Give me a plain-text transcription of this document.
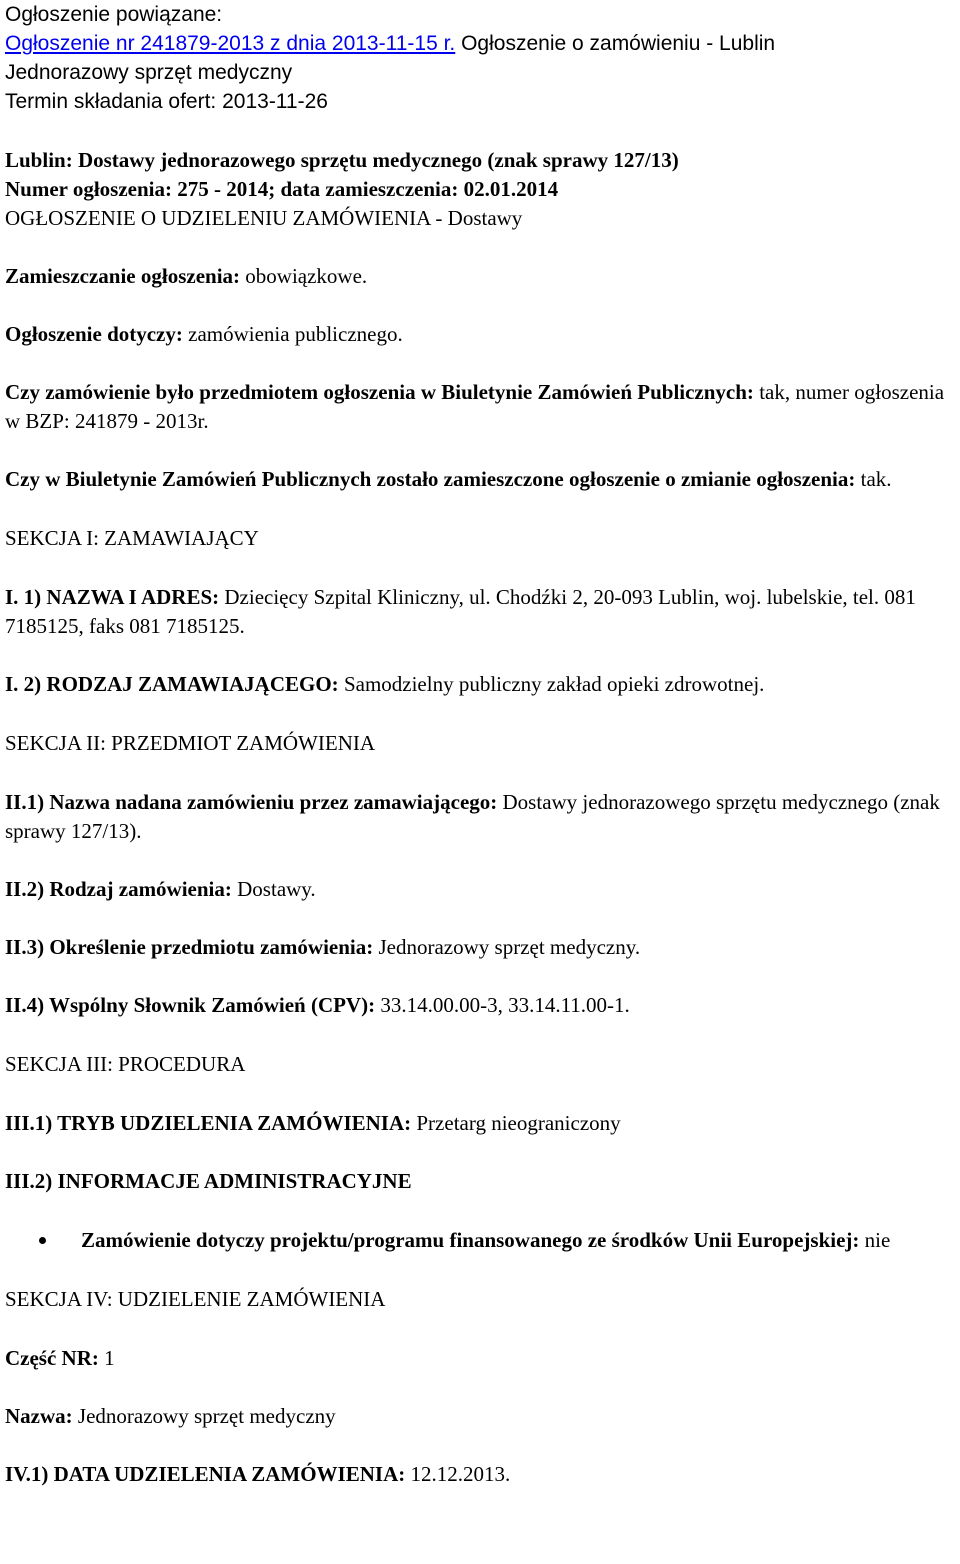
Ogłoszenie powiązane:
Ogłoszenie nr 241879-2013 z dnia 2013-11-15 r. Ogłoszenie o zamówieniu - Lublin
Jednorazowy sprzęt medyczny
Termin składania ofert: 2013-11-26

Lublin: Dostawy jednorazowego sprzętu medycznego (znak sprawy 127/13)

Numer ogłoszenia: 275 - 2014; data zamieszczenia: 02.01.2014

OGŁOSZENIE O UDZIELENIU ZAMÓWIENIA - Dostawy

Zamieszczanie ogłoszenia: obowiązkowe.

Ogłoszenie dotyczy: zamówienia publicznego.

Czy zamówienie było przedmiotem ogłoszenia w Biuletynie Zamówień Publicznych: tak, numer ogłoszenia w BZP: 241879 - 2013r.

Czy w Biuletynie Zamówień Publicznych zostało zamieszczone ogłoszenie o zmianie ogłoszenia: tak.

SEKCJA I: ZAMAWIAJĄCY

I. 1) NAZWA I ADRES: Dziecięcy Szpital Kliniczny, ul. Chodźki 2, 20-093 Lublin, woj. lubelskie, tel. 081 7185125, faks 081 7185125.

I. 2) RODZAJ ZAMAWIAJĄCEGO: Samodzielny publiczny zakład opieki zdrowotnej.

SEKCJA II: PRZEDMIOT ZAMÓWIENIA

II.1) Nazwa nadana zamówieniu przez zamawiającego: Dostawy jednorazowego sprzętu medycznego (znak sprawy 127/13).

II.2) Rodzaj zamówienia: Dostawy.

II.3) Określenie przedmiotu zamówienia: Jednorazowy sprzęt medyczny.

II.4) Wspólny Słownik Zamówień (CPV): 33.14.00.00-3, 33.14.11.00-1.

SEKCJA III: PROCEDURA

III.1) TRYB UDZIELENIA ZAMÓWIENIA: Przetarg nieograniczony

III.2) INFORMACJE ADMINISTRACYJNE

Zamówienie dotyczy projektu/programu finansowanego ze środków Unii Europejskiej: nie

SEKCJA IV: UDZIELENIE ZAMÓWIENIA

Część NR: 1

Nazwa: Jednorazowy sprzęt medyczny

IV.1) DATA UDZIELENIA ZAMÓWIENIA: 12.12.2013.
